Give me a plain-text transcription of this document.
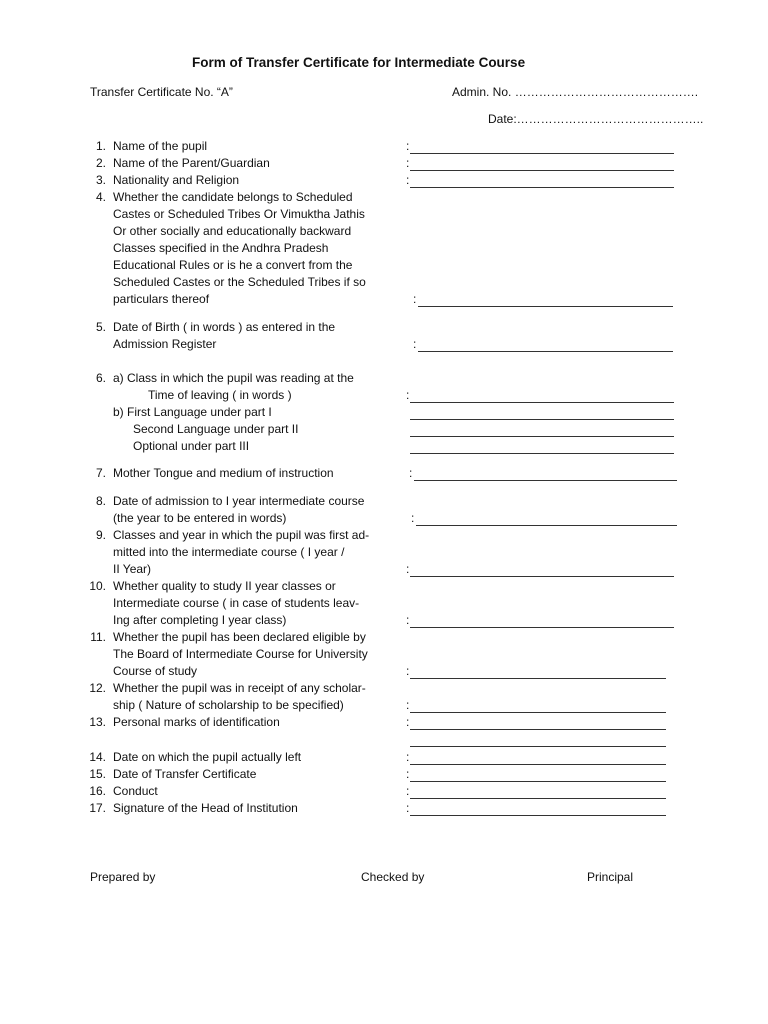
Form of Transfer Certificate for Intermediate Course
Transfer Certificate No. “A”	Admin. No. ……………………………………….
Date:………………………………………..
1. Name of the pupil	:
2. Name of the Parent/Guardian	:
3. Nationality and Religion	:
4. Whether the candidate belongs to Scheduled
Castes or Scheduled Tribes Or Vimuktha Jathis
Or other socially and educationally backward
Classes specified in the Andhra Pradesh
Educational Rules or is he a convert from the
Scheduled Castes or the Scheduled Tribes if so
particulars thereof	:
5. Date of Birth ( in words ) as entered in the
Admission Register	:
6. a) Class in which the pupil was reading at the
Time of leaving ( in words )	:
b) First Language under part I
Second Language under part II
Optional under part III
7. Mother Tongue and medium of instruction	:
8. Date of admission to I year intermediate course
(the year to be entered in words)	:
9. Classes and year in which the pupil was first ad-
mitted into the intermediate course ( I year /
II Year)	:
10. Whether quality to study II year classes or
Intermediate course ( in case of students leav-
Ing after completing I year class)	:
11. Whether the pupil has been declared eligible by
The Board of Intermediate Course for University
Course of study	:
12. Whether the pupil was in receipt of any scholar-
ship ( Nature of scholarship to be specified)	:
13. Personal marks of identification	:
14. Date on which the pupil actually left	:
15. Date of Transfer Certificate	:
16. Conduct	:
17. Signature of the Head of Institution	:
Prepared by	Checked by	Principal
